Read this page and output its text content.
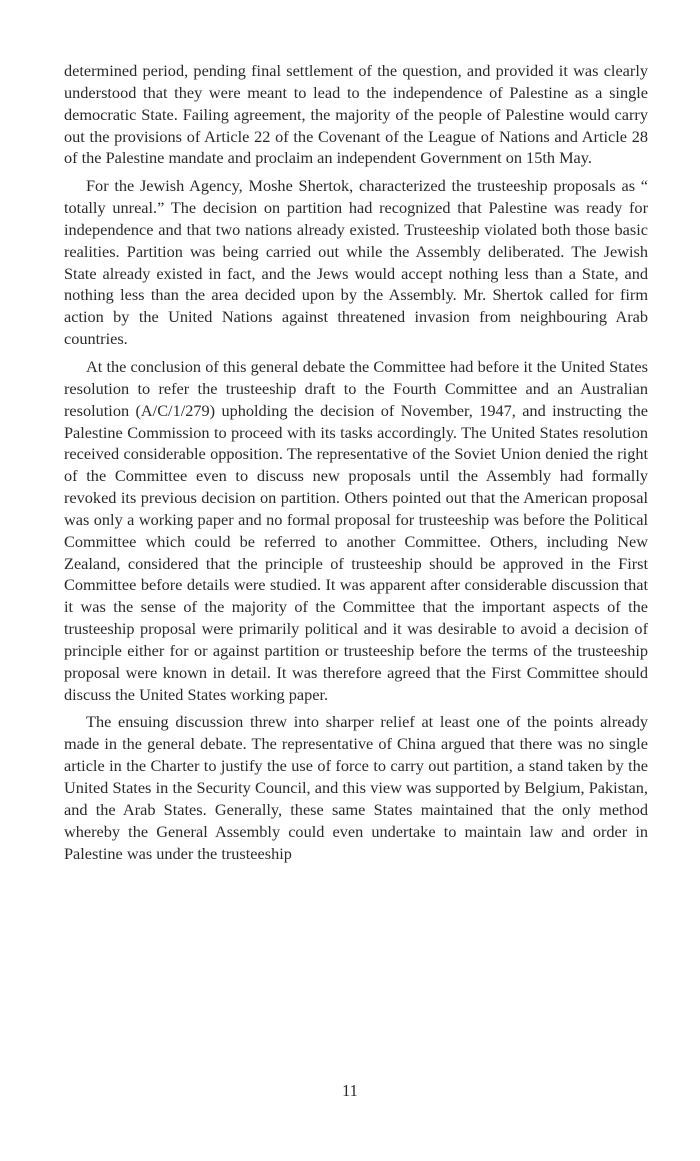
determined period, pending final settlement of the question, and provided it was clearly understood that they were meant to lead to the independence of Palestine as a single democratic State. Failing agreement, the majority of the people of Palestine would carry out the provisions of Article 22 of the Covenant of the League of Nations and Article 28 of the Palestine mandate and proclaim an independent Government on 15th May.

For the Jewish Agency, Moshe Shertok, characterized the trusteeship proposals as “ totally unreal.” The decision on partition had recognized that Palestine was ready for independence and that two nations already existed. Trusteeship violated both those basic realities. Partition was being carried out while the Assembly deliberated. The Jewish State already existed in fact, and the Jews would accept nothing less than a State, and nothing less than the area decided upon by the Assembly. Mr. Shertok called for firm action by the United Nations against threatened invasion from neighbouring Arab countries.

At the conclusion of this general debate the Committee had before it the United States resolution to refer the trusteeship draft to the Fourth Committee and an Australian resolution (A/C/1/279) upholding the decision of November, 1947, and instructing the Palestine Commission to proceed with its tasks accordingly. The United States resolution received considerable opposition. The representative of the Soviet Union denied the right of the Committee even to discuss new proposals until the Assembly had formally revoked its previous decision on partition. Others pointed out that the American proposal was only a working paper and no formal proposal for trusteeship was before the Political Committee which could be referred to another Committee. Others, including New Zealand, considered that the principle of trusteeship should be approved in the First Committee before details were studied. It was apparent after considerable discussion that it was the sense of the majority of the Committee that the important aspects of the trusteeship proposal were primarily political and it was desirable to avoid a decision of principle either for or against partition or trusteeship before the terms of the trusteeship proposal were known in detail. It was therefore agreed that the First Committee should discuss the United States working paper.

The ensuing discussion threw into sharper relief at least one of the points already made in the general debate. The representative of China argued that there was no single article in the Charter to justify the use of force to carry out partition, a stand taken by the United States in the Security Council, and this view was supported by Belgium, Pakistan, and the Arab States. Generally, these same States maintained that the only method whereby the General Assembly could even undertake to maintain law and order in Palestine was under the trusteeship

11
